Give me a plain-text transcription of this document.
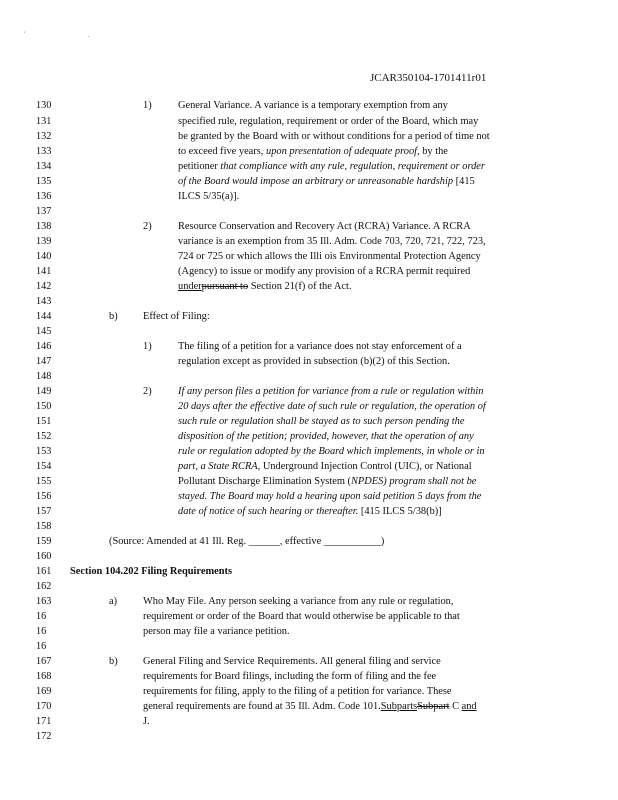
' .
JCAR350104-1701411r01
130
131
132
133
134
135
136
137
138
139
140
141
142
143
144
145
146
147
148
149
150
151
152
153
154
155
156
157
158
159
160
161
162
163
16
16
16
167
168
169
170
171
172
1)	General Variance. A variance is a temporary exemption from any
specified rule, regulation, requirement or order of the Board, which may
be granted by the Board with or without conditions for a period of time not
to exceed five years, upon presentation of adequate proof, by the
petitioner that compliance with any rule, regulation, requirement or order
of the Board would impose an arbitrary or unreasonable hardship [415
ILCS 5/35(a)].
2)	Resource Conservation and Recovery Act (RCRA) Variance. A RCRA
variance is an exemption from 35 Ill. Adm. Code 703, 720, 721, 722, 723,
724 or 725 or which allows the Illi ois Environmental Protection Agency
(Agency) to issue or modify any provision of a RCRA permit required
underpursuant to Section 21(f) of the Act.
b) Effect of Filing:
1)	The filing of a petition for a variance does not stay enforcement of a
regulation except as provided in subsection (b)(2) of this Section.
2)	If any person files a petition for variance from a rule or regulation within
20 days after the effective date of such rule or regulation, the operation of
such rule or regulation shall be stayed as to such person pending the
disposition of the petition; provided, however, that the operation of any
rule or regulation adopted by the Board which implements, in whole or in
part, a State RCRA, Underground Injection Control (UIC), or National
Pollutant Discharge Elimination System (NPDES) program shall not be
stayed. The Board may hold a hearing upon said petition 5 days from the
date of notice of such hearing or thereafter. [415 ILCS 5/38(b)]
(Source: Amended at 41 Ill. Reg. ______, effective ___________)
Section 104.202 Filing Requirements
a) Who May File. Any person seeking a variance from any rule or regulation,
requirement or order of the Board that would otherwise be applicable to that
person may file a variance petition.
b) General Filing and Service Requirements. All general filing and service
requirements for Board filings, including the form of filing and the fee
requirements for filing, apply to the filing of a petition for variance. These
general requirements are found at 35 Ill. Adm. Code 101.SubpartsSubpart C and
J.
